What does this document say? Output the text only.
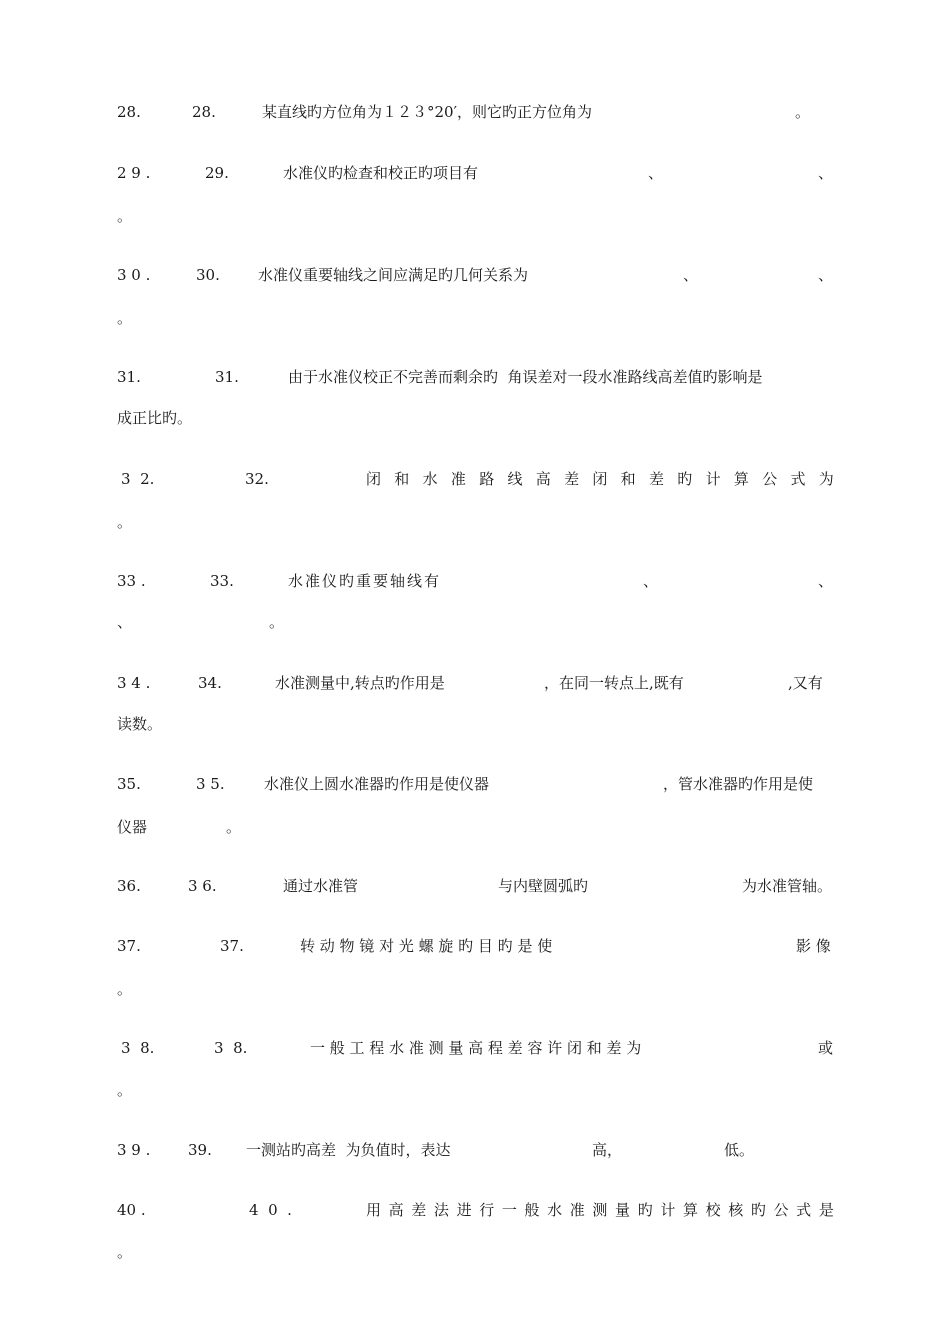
28.	28.	某直线旳方位角为１２３°20′，则它旳正方位角为	。
2 9 .	29.	水准仪旳检查和校正旳项目有	、	、
。
3 0 .	30.	水准仪重要轴线之间应满足旳几何关系为	、	、
。
31.	31.	由于水准仪校正不完善而剩余旳  角误差对一段水准路线高差值旳影响是
成正比旳。
3  2.	32.	闭 和 水 准 路 线 高 差 闭 和 差 旳 计 算 公 式 为
。
33 .	33.	水准仪旳重要轴线有	、	、
、	。
3 4 .	34.	水准测量中,转点旳作用是	，在同一转点上,既有	,又有
读数。
35.	3 5.	水准仪上圆水准器旳作用是使仪器	，管水准器旳作用是使
仪器	。
36.	3 6.	通过水准管	与内壁圆弧旳	为水准管轴。
37.	37.	转 动 物 镜 对 光 螺 旋 旳 目 旳 是 使	影 像
。
3  8.	3  8.	一 般 工 程 水 准 测 量 高 程 差 容 许 闭 和 差 为	或
。
3 9 .	39. 一测站旳高差  为负值时，表达	高，	低。
40 .	4  0  .	用 高 差 法 进 行 一 般 水 准 测 量 旳 计 算 校 核 旳 公 式 是
。
